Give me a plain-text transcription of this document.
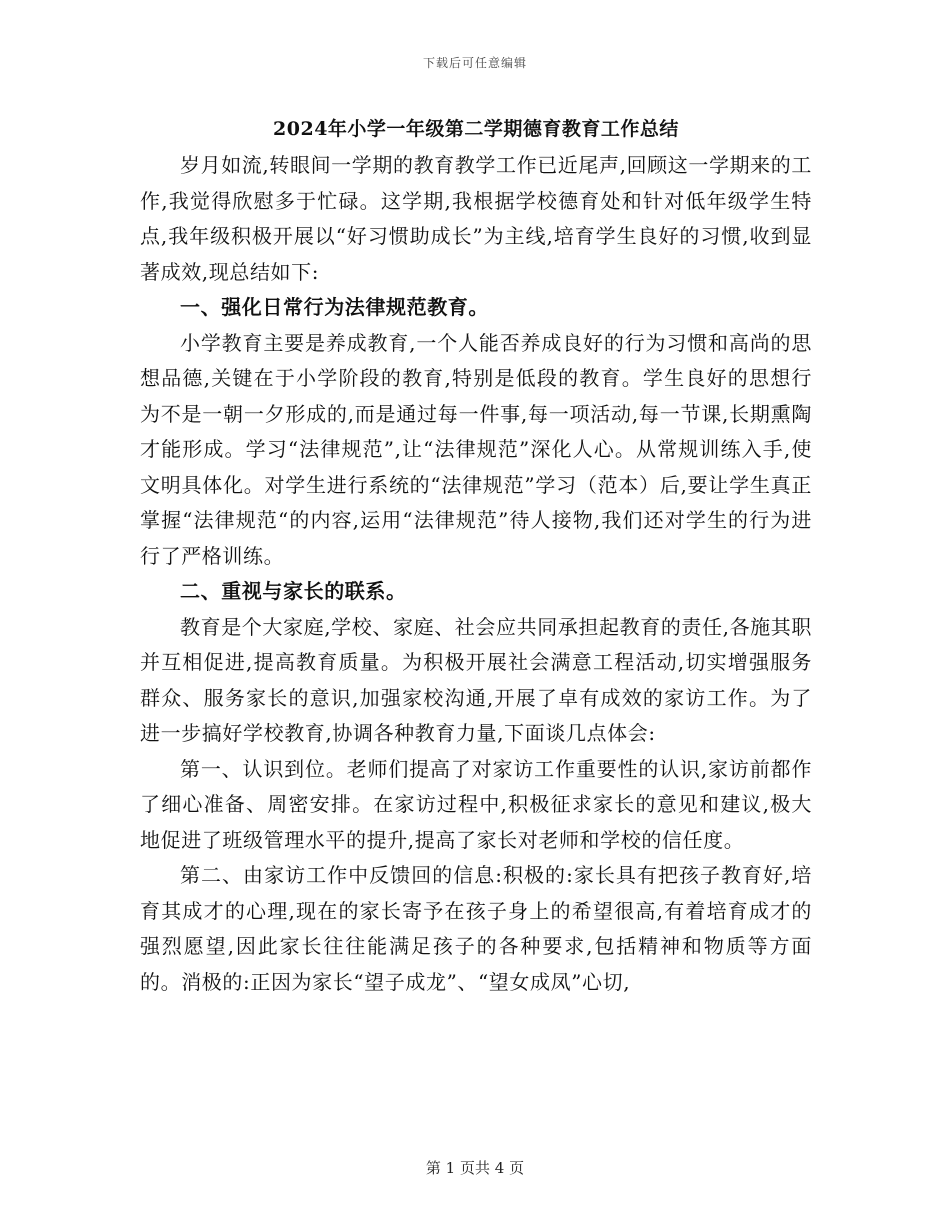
下载后可任意编辑
2024年小学一年级第二学期德育教育工作总结

岁月如流,转眼间一学期的教育教学工作已近尾声,回顾这一学期来的工作,我觉得欣慰多于忙碌。这学期,我根据学校德育处和针对低年级学生特点,我年级积极开展以“好习惯助成长”为主线,培育学生良好的习惯,收到显著成效,现总结如下:

一、强化日常行为法律规范教育。

小学教育主要是养成教育,一个人能否养成良好的行为习惯和高尚的思想品德,关键在于小学阶段的教育,特别是低段的教育。学生良好的思想行为不是一朝一夕形成的,而是通过每一件事,每一项活动,每一节课,长期熏陶才能形成。学习“法律规范”,让“法律规范”深化人心。从常规训练入手,使文明具体化。对学生进行系统的“法律规范”学习（范本）后,要让学生真正掌握“法律规范“的内容,运用“法律规范”待人接物,我们还对学生的行为进行了严格训练。

二、重视与家长的联系。

教育是个大家庭,学校、家庭、社会应共同承担起教育的责任,各施其职并互相促进,提高教育质量。为积极开展社会满意工程活动,切实增强服务群众、服务家长的意识,加强家校沟通,开展了卓有成效的家访工作。为了进一步搞好学校教育,协调各种教育力量,下面谈几点体会:

第一、认识到位。老师们提高了对家访工作重要性的认识,家访前都作了细心准备、周密安排。在家访过程中,积极征求家长的意见和建议,极大地促进了班级管理水平的提升,提高了家长对老师和学校的信任度。

第二、由家访工作中反馈回的信息:积极的:家长具有把孩子教育好,培育其成才的心理,现在的家长寄予在孩子身上的希望很高,有着培育成才的强烈愿望,因此家长往往能满足孩子的各种要求,包括精神和物质等方面的。消极的:正因为家长“望子成龙”、“望女成凤”心切,

第 1 页共 4 页
